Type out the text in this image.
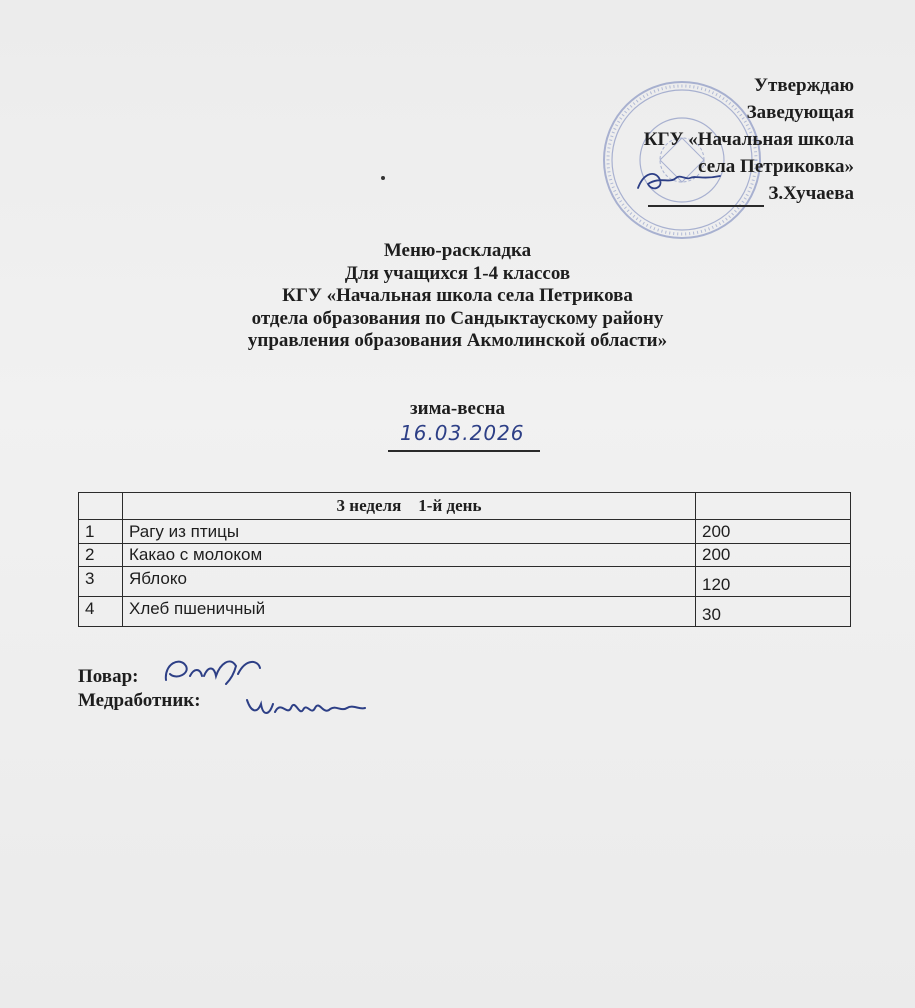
Утверждаю
Заведующая
КГУ «Начальная школа
села Петриковка»
З.Хучаева
Меню-раскладка
Для учащихся 1-4 классов
КГУ «Начальная школа села Петрикова
отдела образования по Сандыктаускому району
управления образования Акмолинской области»
зима-весна
16.03.2026
	3 неделя    1-й день	
1	Рагу из птицы	200
2	Какао с молоком	200
3	Яблоко	120
4	Хлеб пшеничный	30
Повар:
Медработник:
